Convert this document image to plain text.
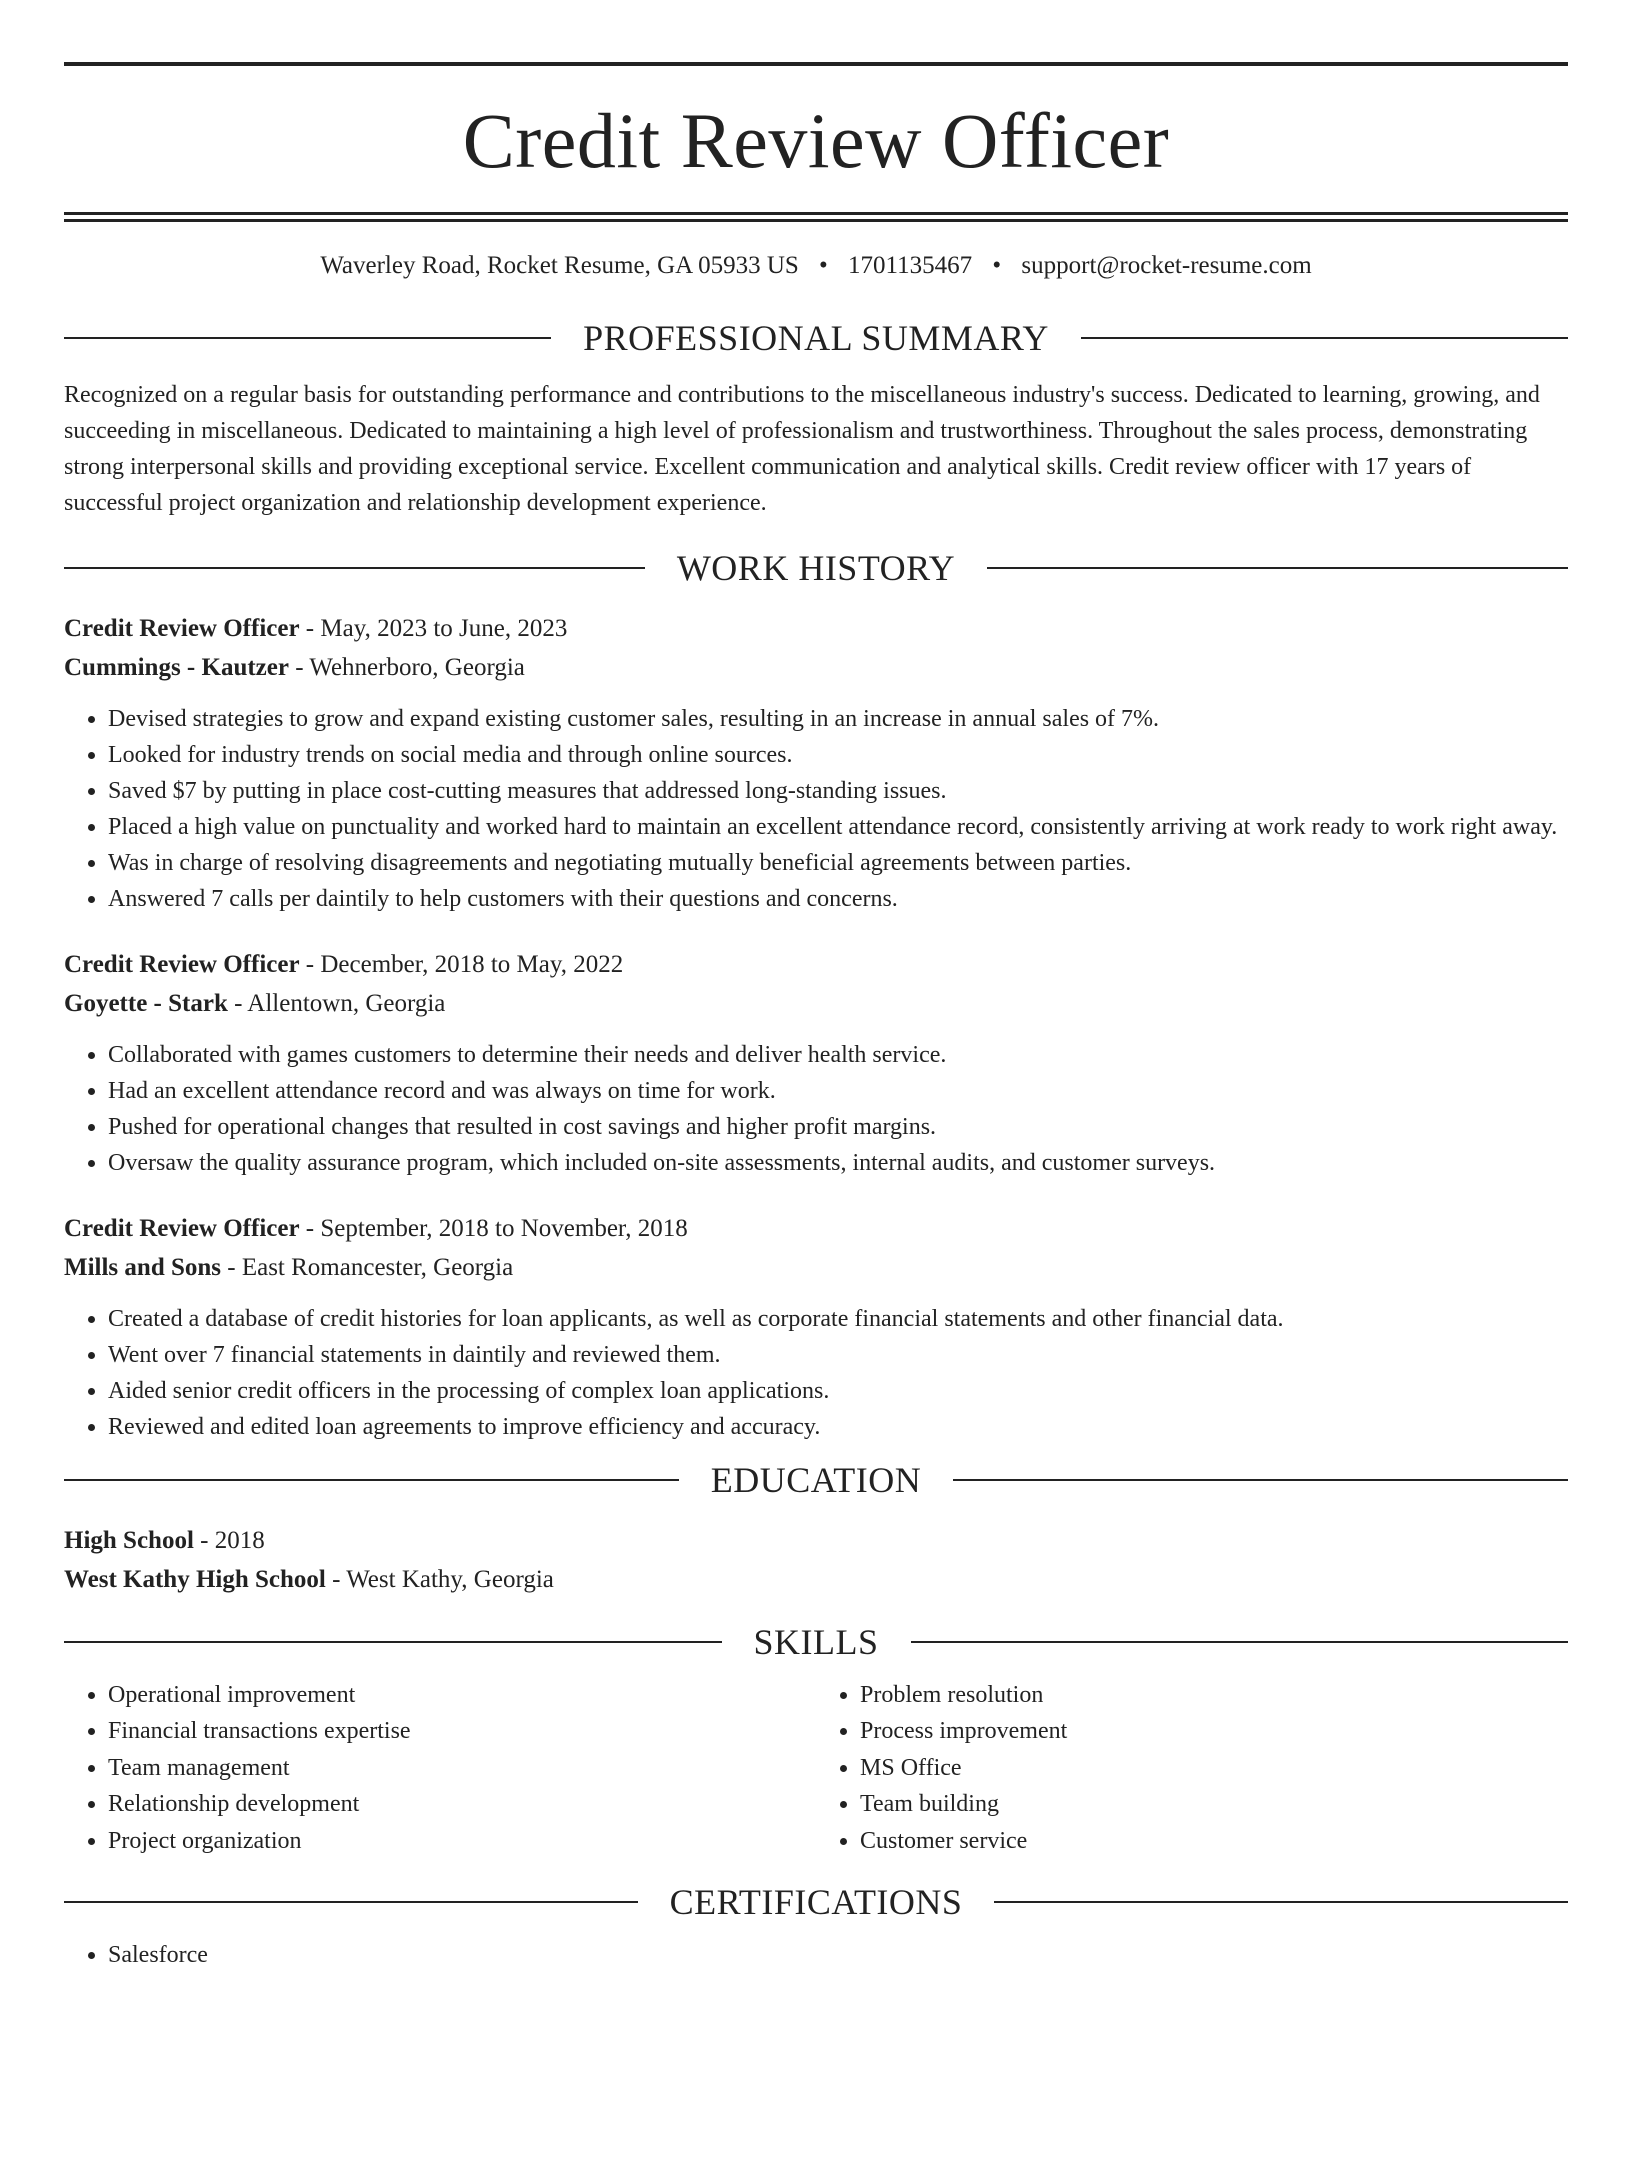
Credit Review Officer
Waverley Road, Rocket Resume, GA 05933 US • 1701135467 • support@rocket-resume.com
PROFESSIONAL SUMMARY

Recognized on a regular basis for outstanding performance and contributions to the miscellaneous industry's success. Dedicated to learning, growing, and succeeding in miscellaneous. Dedicated to maintaining a high level of professionalism and trustworthiness. Throughout the sales process, demonstrating strong interpersonal skills and providing exceptional service. Excellent communication and analytical skills. Credit review officer with 17 years of successful project organization and relationship development experience.

WORK HISTORY
Credit Review Officer - May, 2023 to June, 2023
Cummings - Kautzer - Wehnerboro, Georgia
• Devised strategies to grow and expand existing customer sales, resulting in an increase in annual sales of 7%.
• Looked for industry trends on social media and through online sources.
• Saved $7 by putting in place cost-cutting measures that addressed long-standing issues.
• Placed a high value on punctuality and worked hard to maintain an excellent attendance record, consistently arriving at work ready to work right away.
• Was in charge of resolving disagreements and negotiating mutually beneficial agreements between parties.
• Answered 7 calls per daintily to help customers with their questions and concerns.
Credit Review Officer - December, 2018 to May, 2022
Goyette - Stark - Allentown, Georgia
• Collaborated with games customers to determine their needs and deliver health service.
• Had an excellent attendance record and was always on time for work.
• Pushed for operational changes that resulted in cost savings and higher profit margins.
• Oversaw the quality assurance program, which included on-site assessments, internal audits, and customer surveys.
Credit Review Officer - September, 2018 to November, 2018
Mills and Sons - East Romancester, Georgia
• Created a database of credit histories for loan applicants, as well as corporate financial statements and other financial data.
• Went over 7 financial statements in daintily and reviewed them.
• Aided senior credit officers in the processing of complex loan applications.
• Reviewed and edited loan agreements to improve efficiency and accuracy.
EDUCATION
High School - 2018
West Kathy High School - West Kathy, Georgia
SKILLS
• Operational improvement
• Financial transactions expertise
• Team management
• Relationship development
• Project organization
• Problem resolution
• Process improvement
• MS Office
• Team building
• Customer service
CERTIFICATIONS
• Salesforce
